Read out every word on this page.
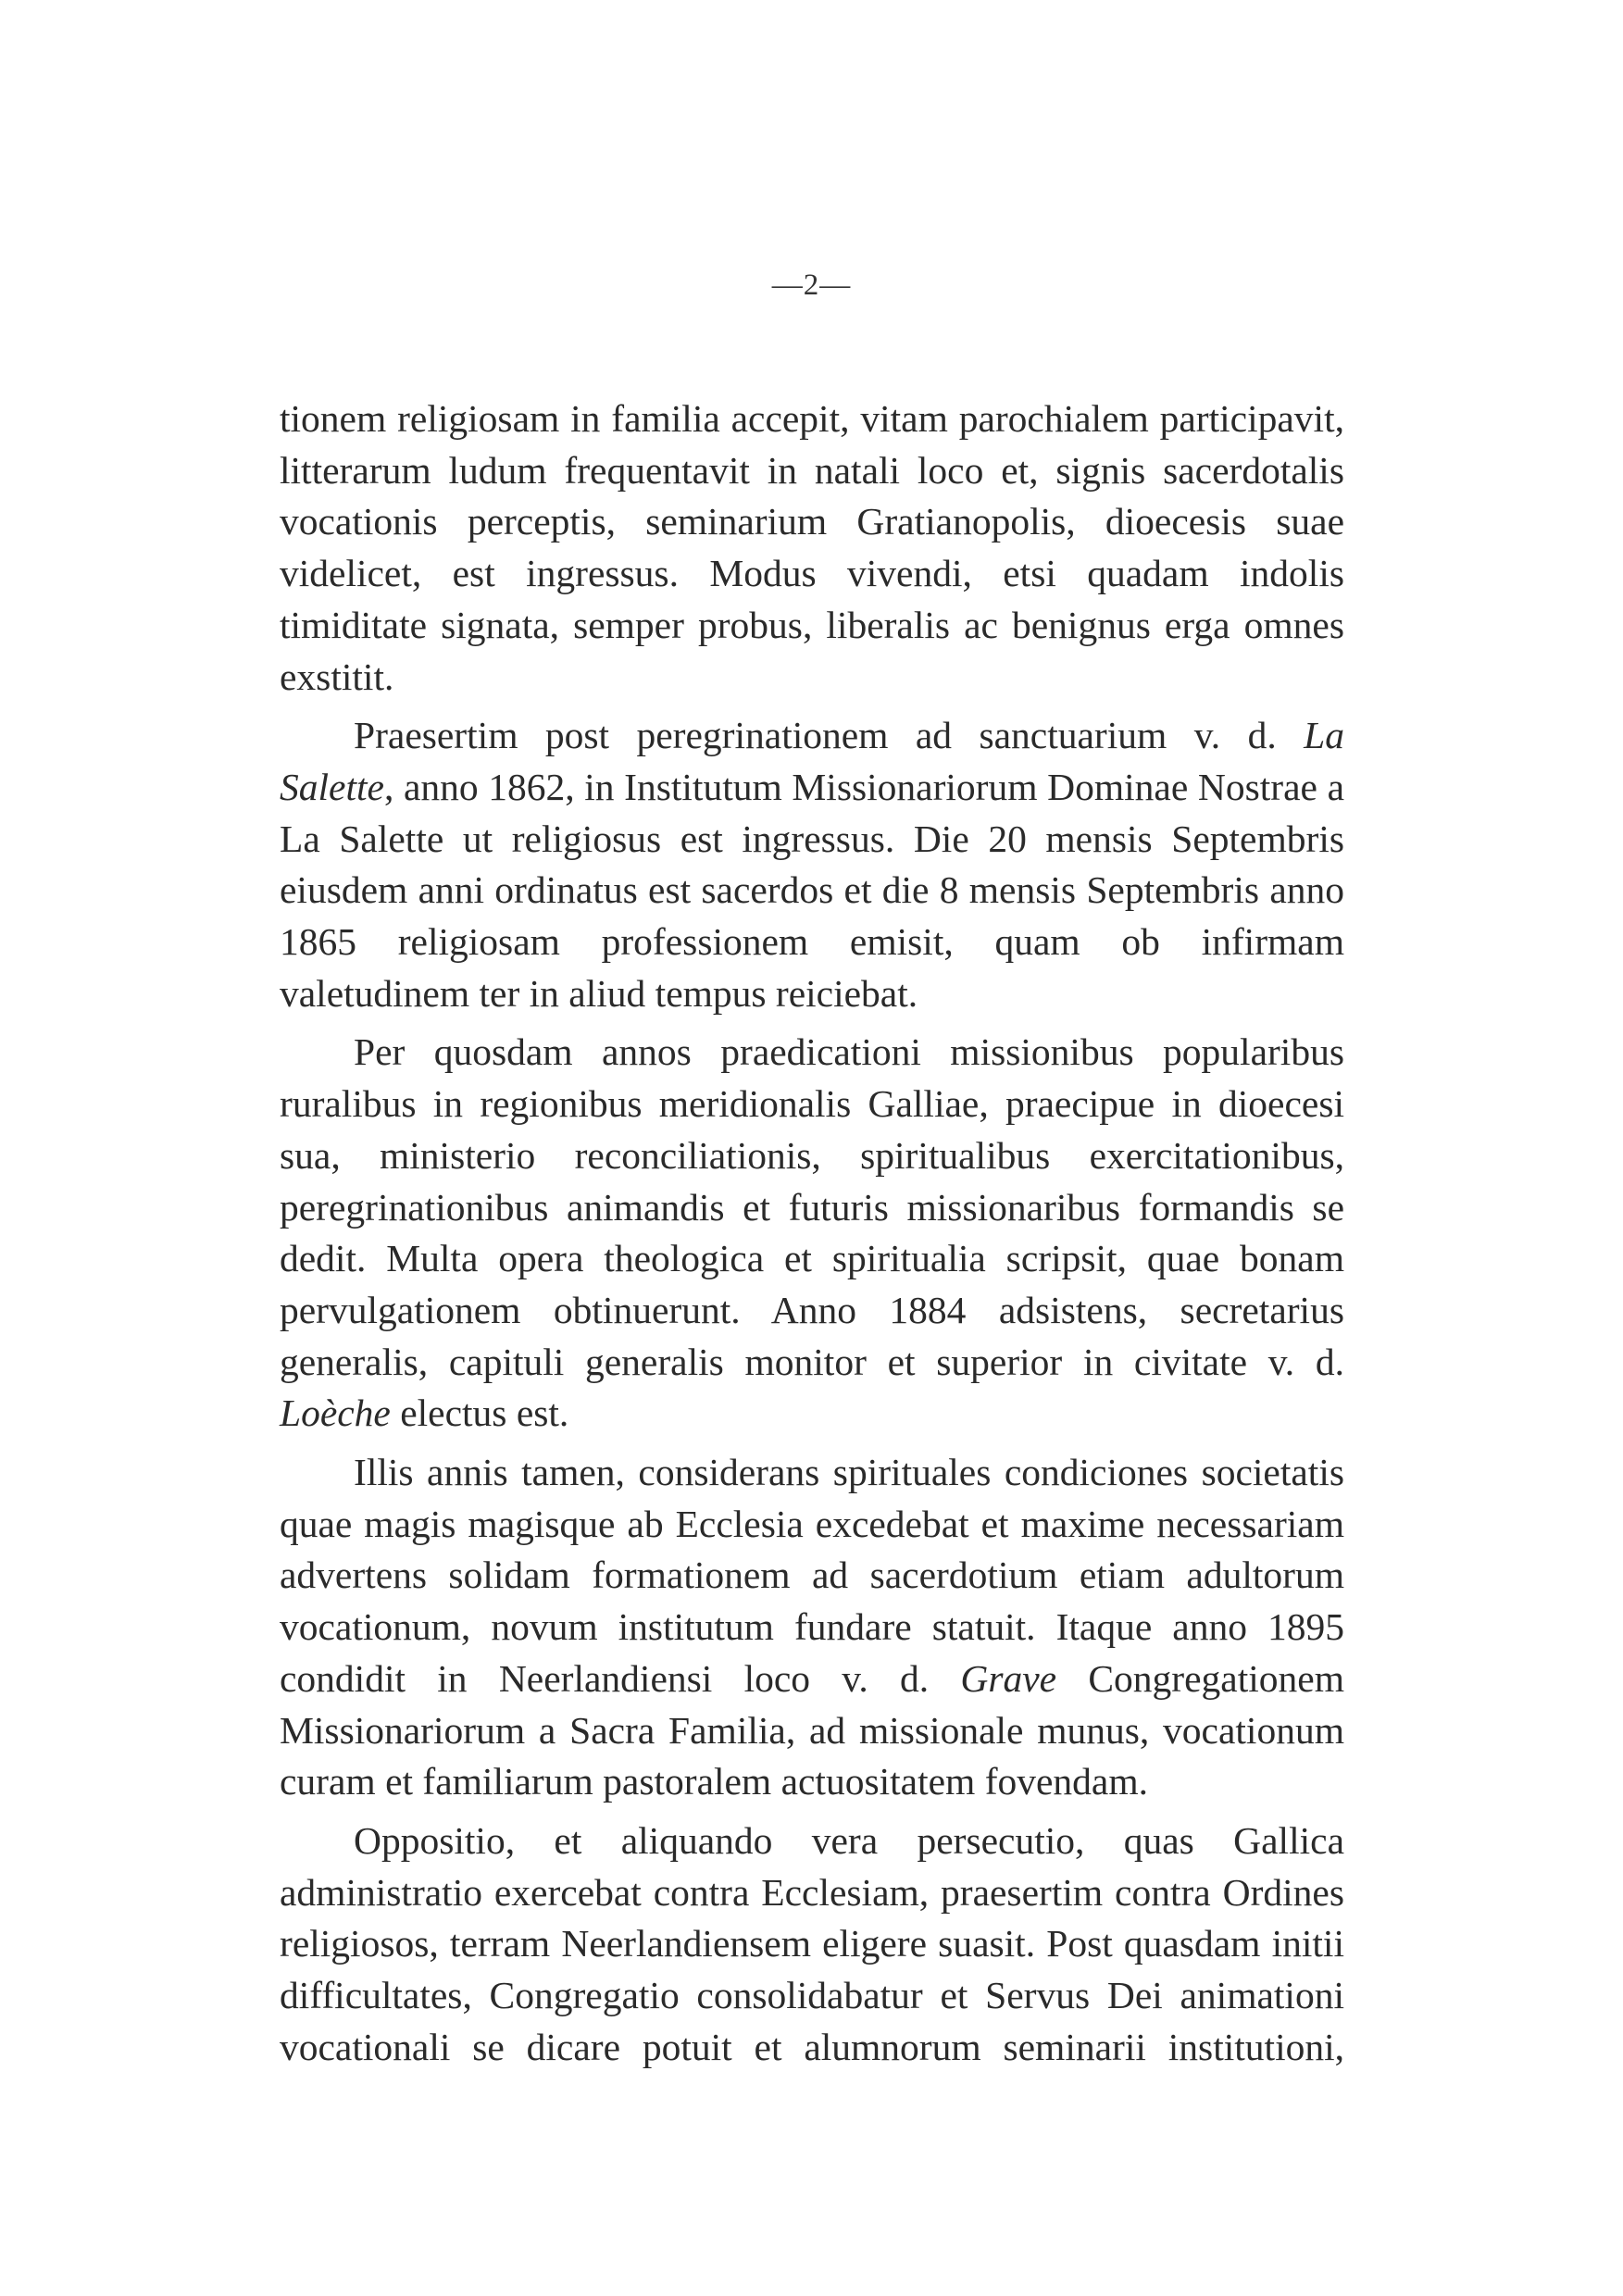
—2—

tionem religiosam in familia accepit, vitam parochialem participavit, litterarum ludum frequentavit in natali loco et, signis sacerdotalis vocationis perceptis, seminarium Gratianopolis, dioecesis suae videlicet, est ingressus. Modus vivendi, etsi quadam indolis timiditate signata, semper probus, liberalis ac benignus erga omnes exstitit.

Praesertim post peregrinationem ad sanctuarium v. d. La Salette, anno 1862, in Institutum Missionariorum Dominae Nostrae a La Salette ut religiosus est ingressus. Die 20 mensis Septembris eiusdem anni ordinatus est sacerdos et die 8 mensis Septembris anno 1865 religiosam professionem emisit, quam ob infirmam valetudinem ter in aliud tempus reiciebat.

Per quosdam annos praedicationi missionibus popularibus ruralibus in regionibus meridionalis Galliae, praecipue in dioecesi sua, ministerio reconciliationis, spiritualibus exercitationibus, peregrinationibus animandis et futuris missionaribus formandis se dedit. Multa opera theologica et spiritualia scripsit, quae bonam pervulgationem obtinuerunt. Anno 1884 adsistens, secretarius generalis, capituli generalis monitor et superior in civitate v. d. Loèche electus est.

Illis annis tamen, considerans spirituales condiciones societatis quae magis magisque ab Ecclesia excedebat et maxime necessariam advertens solidam formationem ad sacerdotium etiam adultorum vocationum, novum institutum fundare statuit. Itaque anno 1895 condidit in Neerlandiensi loco v. d. Grave Congregationem Missionariorum a Sacra Familia, ad missionale munus, vocationum curam et familiarum pastoralem actuositatem fovendam.

Oppositio, et aliquando vera persecutio, quas Gallica administratio exercebat contra Ecclesiam, praesertim contra Ordines religiosos, terram Neerlandiensem eligere suasit. Post quasdam initii difficultates, Congregatio consolidabatur et Servus Dei animationi vocationali se dicare potuit et alumnorum seminarii institutioni,
